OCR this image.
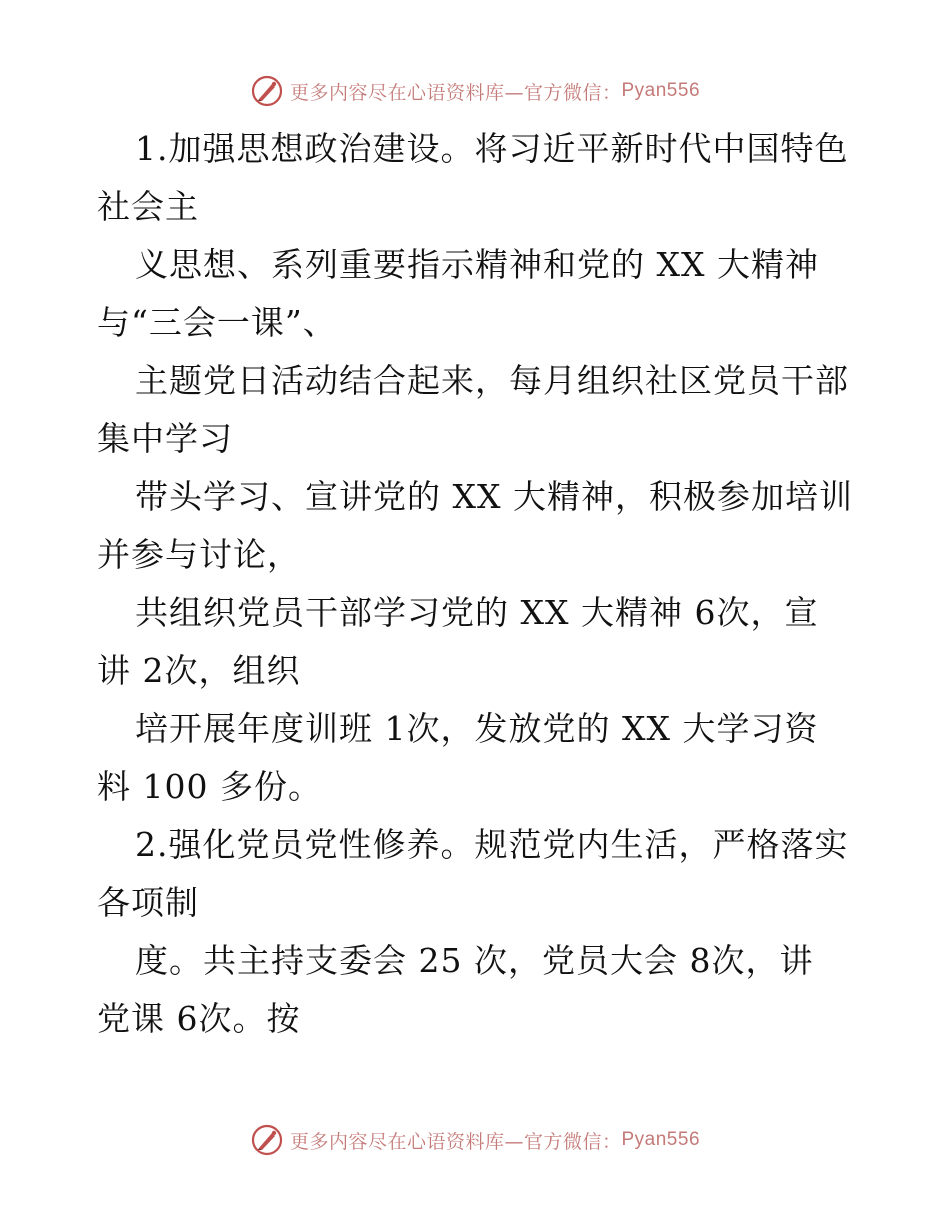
更多内容尽在心语资料库—官方微信： Pyan556
1.加强思想政治建设。将习近平新时代中国特色
社会主
义思想、系列重要指示精神和党的 XX 大精神
与“三会一课”、
主题党日活动结合起来，每月组织社区党员干部
集中学习
带头学习、宣讲党的 XX 大精神，积极参加培训
并参与讨论，
共组织党员干部学习党的 XX 大精神 6次，宣
讲 2次，组织
培开展年度训班 1次，发放党的 XX 大学习资
料 100 多份。
2.强化党员党性修养。规范党内生活，严格落实
各项制
度。共主持支委会 25 次，党员大会 8次，讲
党课 6次。按
更多内容尽在心语资料库—官方微信： Pyan556
